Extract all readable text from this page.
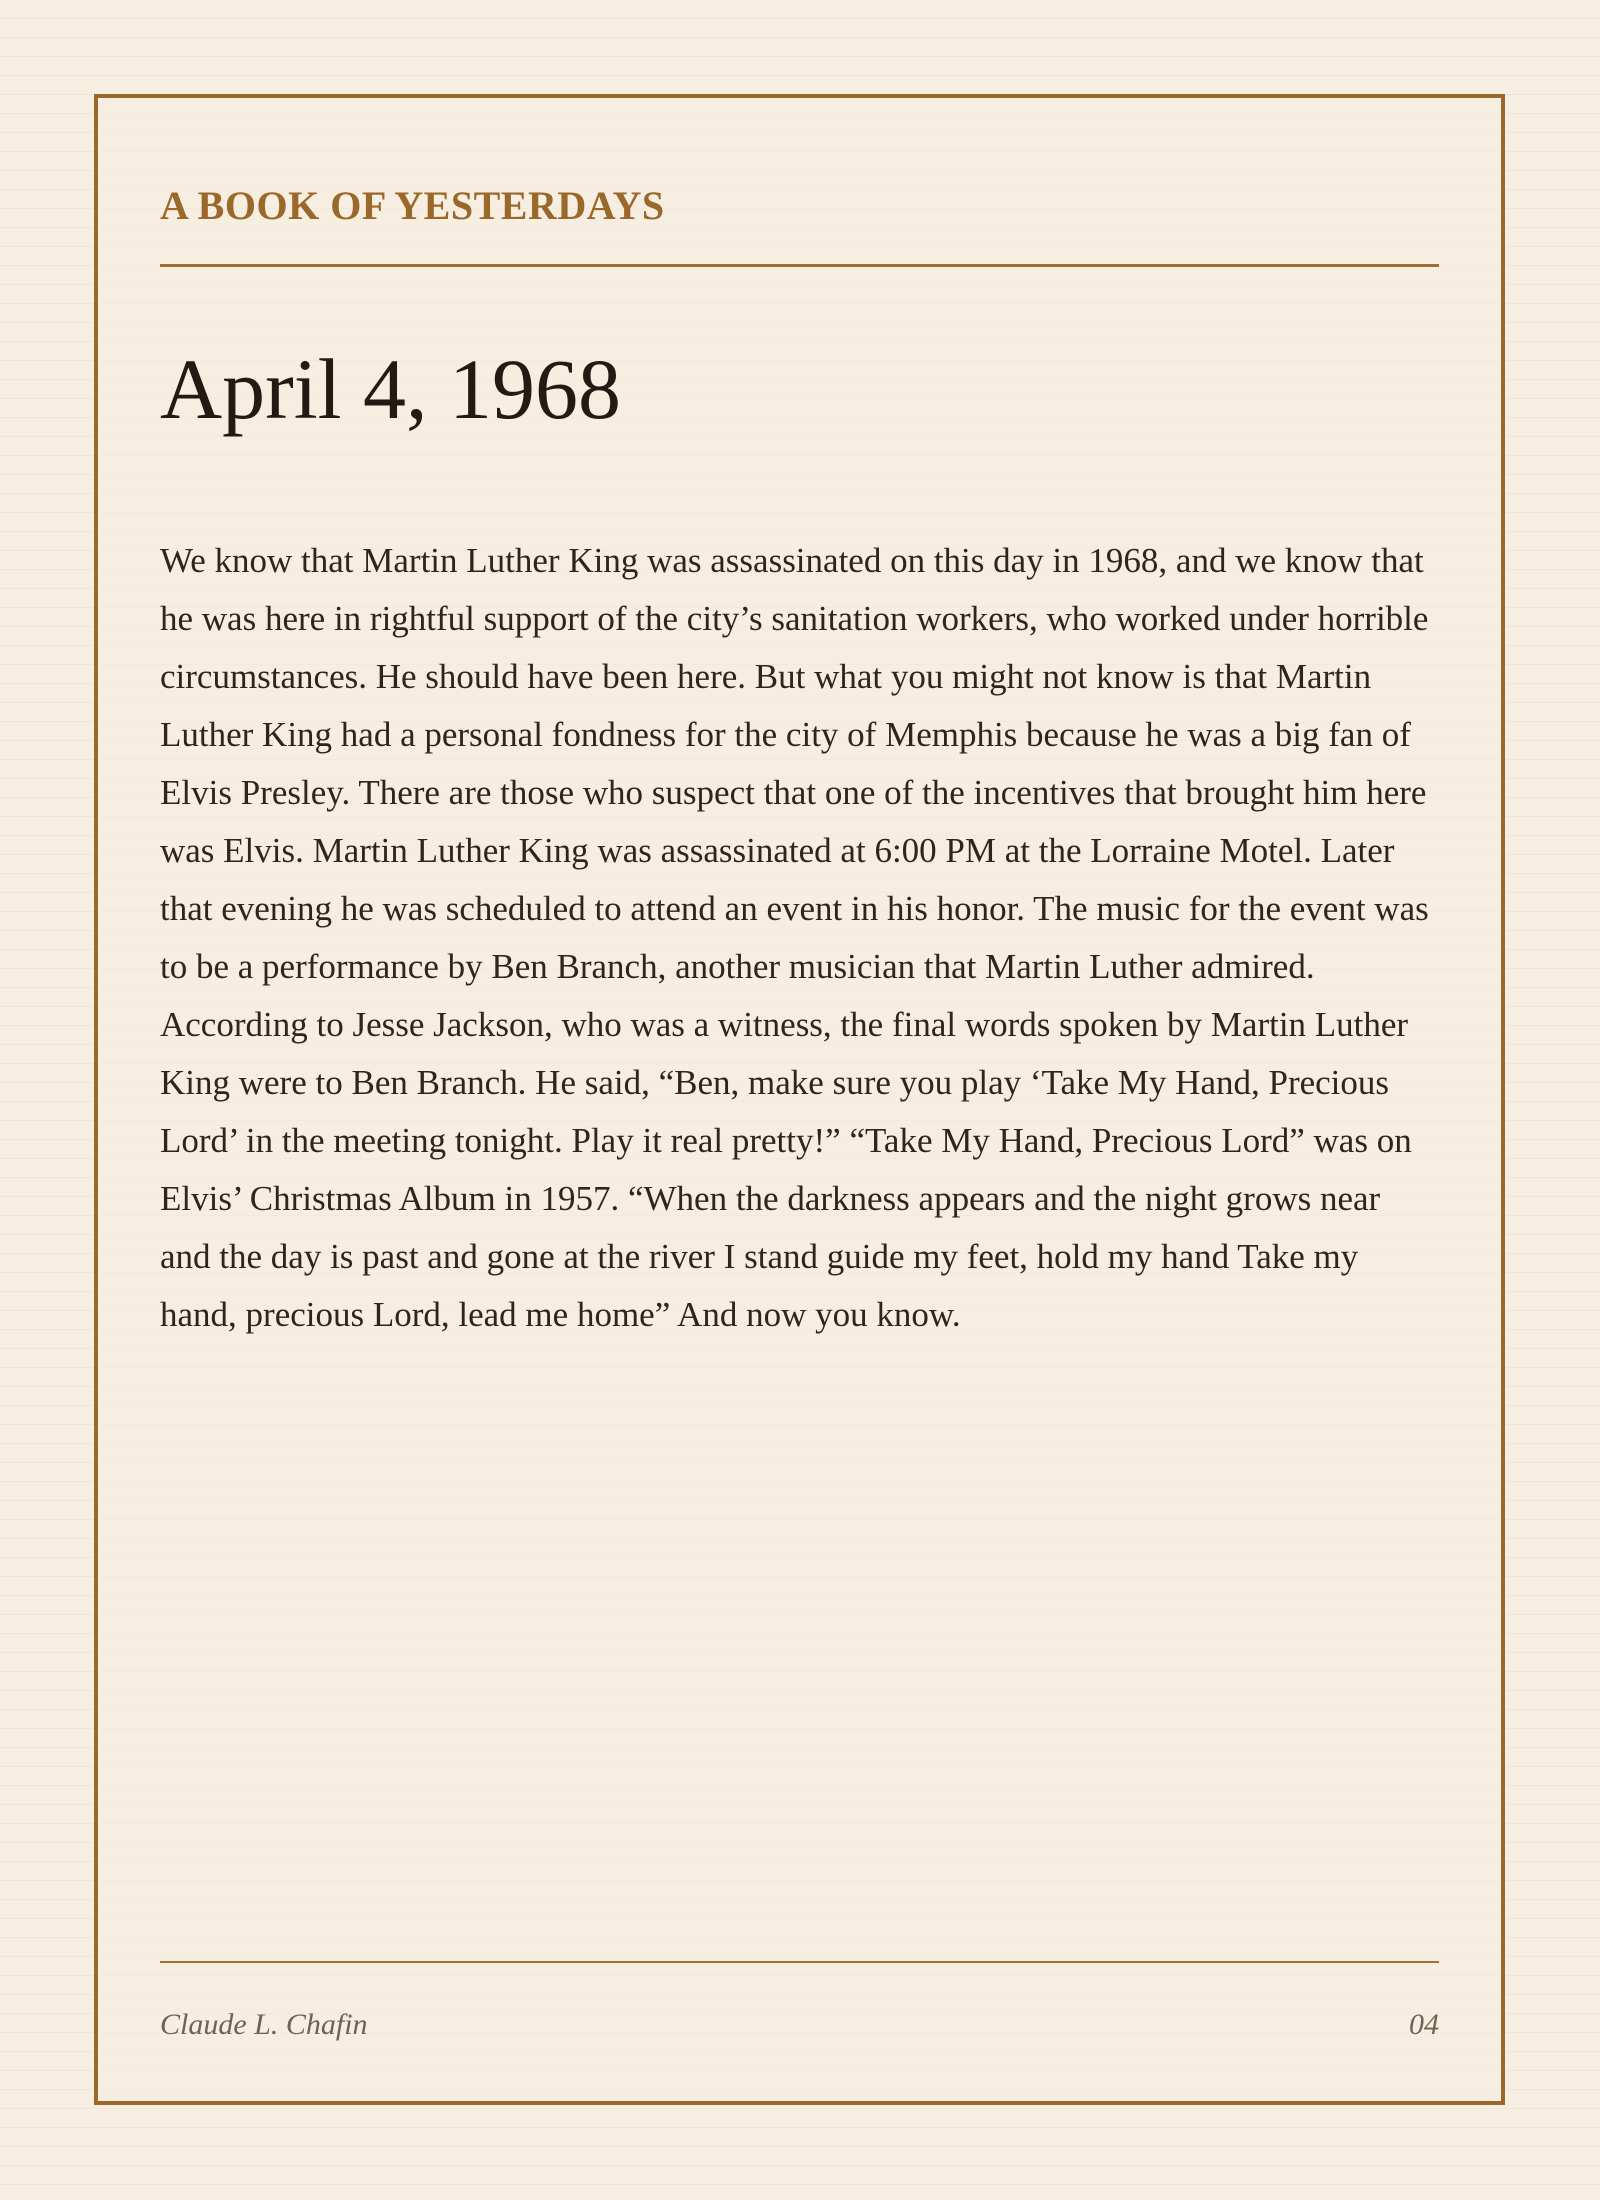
A BOOK OF YESTERDAYS
April 4, 1968

We know that Martin Luther King was assassinated on this day in 1968, and we know that he was here in rightful support of the city’s sanitation workers, who worked under horrible circumstances. He should have been here. But what you might not know is that Martin Luther King had a personal fondness for the city of Memphis because he was a big fan of Elvis Presley. There are those who suspect that one of the incentives that brought him here was Elvis. Martin Luther King was assassinated at 6:00 PM at the Lorraine Motel. Later that evening he was scheduled to attend an event in his honor. The music for the event was to be a performance by Ben Branch, another musician that Martin Luther admired. According to Jesse Jackson, who was a witness, the final words spoken by Martin Luther King were to Ben Branch. He said, “Ben, make sure you play ‘Take My Hand, Precious Lord’ in the meeting tonight. Play it real pretty!” “Take My Hand, Precious Lord” was on Elvis’ Christmas Album in 1957. “When the darkness appears and the night grows near and the day is past and gone at the river I stand guide my feet, hold my hand Take my hand, precious Lord, lead me home” And now you know.

Claude L. Chafin	04
